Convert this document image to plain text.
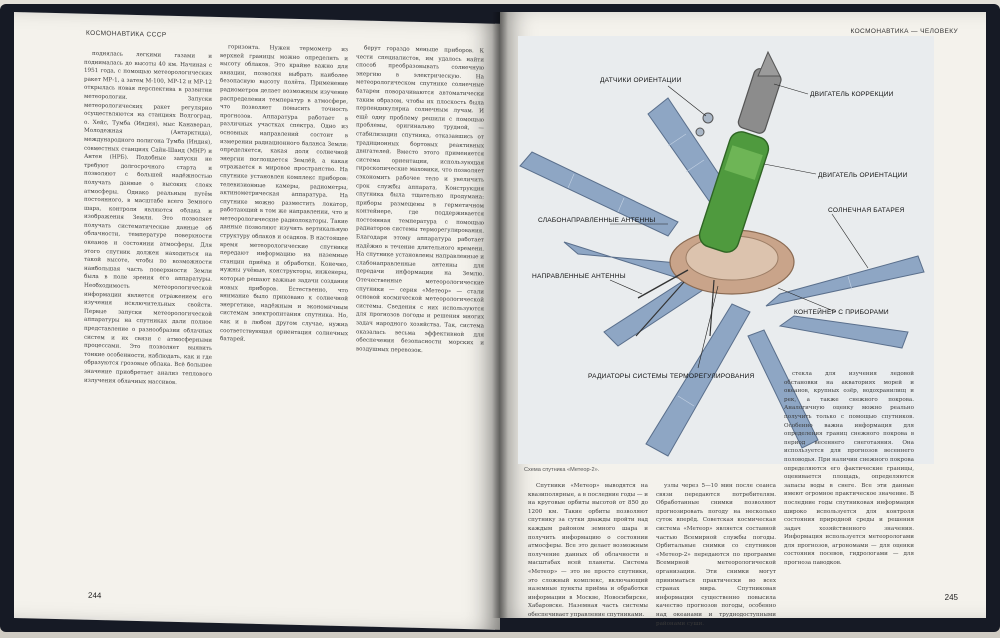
КОСМОНАВТИКА СССР

поднялась легкими газами и поднималась до высоты 40 км. Начиная с 1951 года, с помощью метеорологических ракет МР-1, а затем М-100, МР-12 и МР-12 открылась новая перспектива в развитии метеорологии. Запуски метеорологических ракет регулярно осуществляются на станциях Волгоград, о. Хейс, Тумба (Индия), мыс Канаверал, Молодежная (Антарктида), международного полигона Тумба (Индия), совместных станциях Сайн-Шанд (МНР) и Антен (НРБ). Подобные запуски не требуют долгосрочного старта и позволяют с большей надёжностью получать данные о высоких слоях атмосферы. Однако реальным путём постоянного, в масштабе всего Земного шара, контроля являются облака и изображения Земли. Это позволяет получать систематические данные об облачности, температуре поверхности океанов и состоянии атмосферы. Для этого спутник должен находиться на такой высоте, чтобы по возможности наибольшая часть поверхности Земли была в поле зрения его аппаратуры. Необходимость метеорологической информации является отражением его изучения исключительных свойств. Первые запуски метеорологической аппаратуры на спутниках дали полное представление о разнообразии облачных систем и их связи с атмосферными процессами. Это позволяет выявить тонкие особенности, наблюдать, как и где образуются грозовые облака. Всё большее значение приобретает анализ теплового излучения облачных массивов.

горизонта. Нужен термометр из верхней границы можно определить и высоту облаков. Это крайне важно для авиации, позволяя выбрать наиболее безопасную высоту полёта. Применение радиометров делает возможным изучение распределения температур в атмосфере, что позволяет повысить точность прогнозов. Аппаратура работает в различных участках спектра. Одно из основных направлений состоит в измерении радиационного баланса Земли: определяется, какая доля солнечной энергии поглощается Землёй, а какая отражается в мировое пространство. На спутнике установлен комплекс приборов: телевизионные камеры, радиометры, актинометрическая аппаратура. На спутнике можно разместить локатор, работающий в том же направлении, что и метеорологические радиолокаторы. Такие данные позволяют изучить вертикальную структуру облаков и осадков. В настоящее время метеорологические спутники передают информацию на наземные станции приёма и обработки. Конечно, нужны учёные, конструкторы, инженеры, которые решают важные задачи создания новых приборов. Естественно, что внимание было приковано к солнечной энергетике, надёжным и экономичным системам электропитания спутника. Но, как и в любом другом случае, нужна соответствующая ориентация солнечных батарей.

берут гораздо меньше приборов. К чести специалистов, им удалось найти способ преобразовывать солнечную энергию в электрическую. На метеорологическом спутнике солнечные батареи поворачиваются автоматически таким образом, чтобы их плоскость была перпендикулярна солнечным лучам. И ещё одну проблему решили с помощью проблемы, оригинально трудной, — стабилизации спутника, отказавшись от традиционных бортовых реактивных двигателей. Вместо этого применяется система ориентации, использующая гироскопические маховики, что позволяет сэкономить рабочее тело и увеличить срок службы аппарата. Конструкция спутника была тщательно продумана: приборы размещены в герметичном контейнере, где поддерживается постоянная температура с помощью радиаторов системы терморегулирования. Благодаря этому аппаратура работает надёжно в течение длительного времени. На спутнике установлены направленные и слабонаправленные антенны для передачи информации на Землю. Отечественные метеорологические спутники — серия «Метеор» — стали основой космической метеорологической системы. Сведения с них используются для прогнозов погоды и решения многих задач народного хозяйства. Так, система оказалась весьма эффективной для обеспечения безопасности морских и воздушных перевозок.

244
КОСМОНАВТИКА — ЧЕЛОВЕКУ
ДАТЧИКИ ОРИЕНТАЦИИ
ДВИГАТЕЛЬ КОРРЕКЦИИ
ДВИГАТЕЛЬ ОРИЕНТАЦИИ
СОЛНЕЧНАЯ БАТАРЕЯ
СЛАБОНАПРАВЛЕННЫЕ АНТЕННЫ
НАПРАВЛЕННЫЕ АНТЕННЫ
КОНТЕЙНЕР С ПРИБОРАМИ
РАДИАТОРЫ СИСТЕМЫ ТЕРМОРЕГУЛИРОВАНИЯ
Схема спутника «Метеор-2».

Спутники «Метеор» выводятся на квазиполярные, а в последние годы — и на круговые орбиты высотой от 850 до 1200 км. Такие орбиты позволяют спутнику за сутки дважды пройти над каждым районом земного шара и получить информацию о состоянии атмосферы. Все это делает возможным получение данных об облачности в масштабах всей планеты. Система «Метеор» — это не просто спутники, это сложный комплекс, включающий наземные пункты приёма и обработки информации в Москве, Новосибирске, Хабаровске. Наземная часть системы обеспечивает управление спутниками.

узлы через 5—10 мин после сеанса связи передаются потребителям. Обработанные снимки позволяют прогнозировать погоду на несколько суток вперёд. Советская космическая система «Метеор» является составной частью Всемирной службы погоды. Орбитальные снимки со спутников «Метеор-2» передаются по программе Всемирной метеорологической организации. Эти снимки могут приниматься практически во всех странах мира. Спутниковая информация существенно повысила качество прогнозов погоды, особенно над океанами и труднодоступными районами суши.

стекла для изучения ледовой обстановки на акваториях морей и океанов, крупных озёр, водохранилищ и рек, а также снежного покрова. Аналогичную оценку можно реально получить только с помощью спутников. Особенно важна информация для определения границ снежного покрова в период весеннего снеготаяния. Она используется для прогнозов весеннего половодья. При наличии снежного покрова определяются его фактические границы, оценивается площадь, определяются запасы воды в снеге. Все эти данные имеют огромное практическое значение. В последние годы спутниковая информация широко используется для контроля состояния природной среды и решения задач хозяйственного значения. Информация используется метеорологами для прогнозов, агрономами — для оценки состояния посевов, гидрологами — для прогноза паводков.

245
